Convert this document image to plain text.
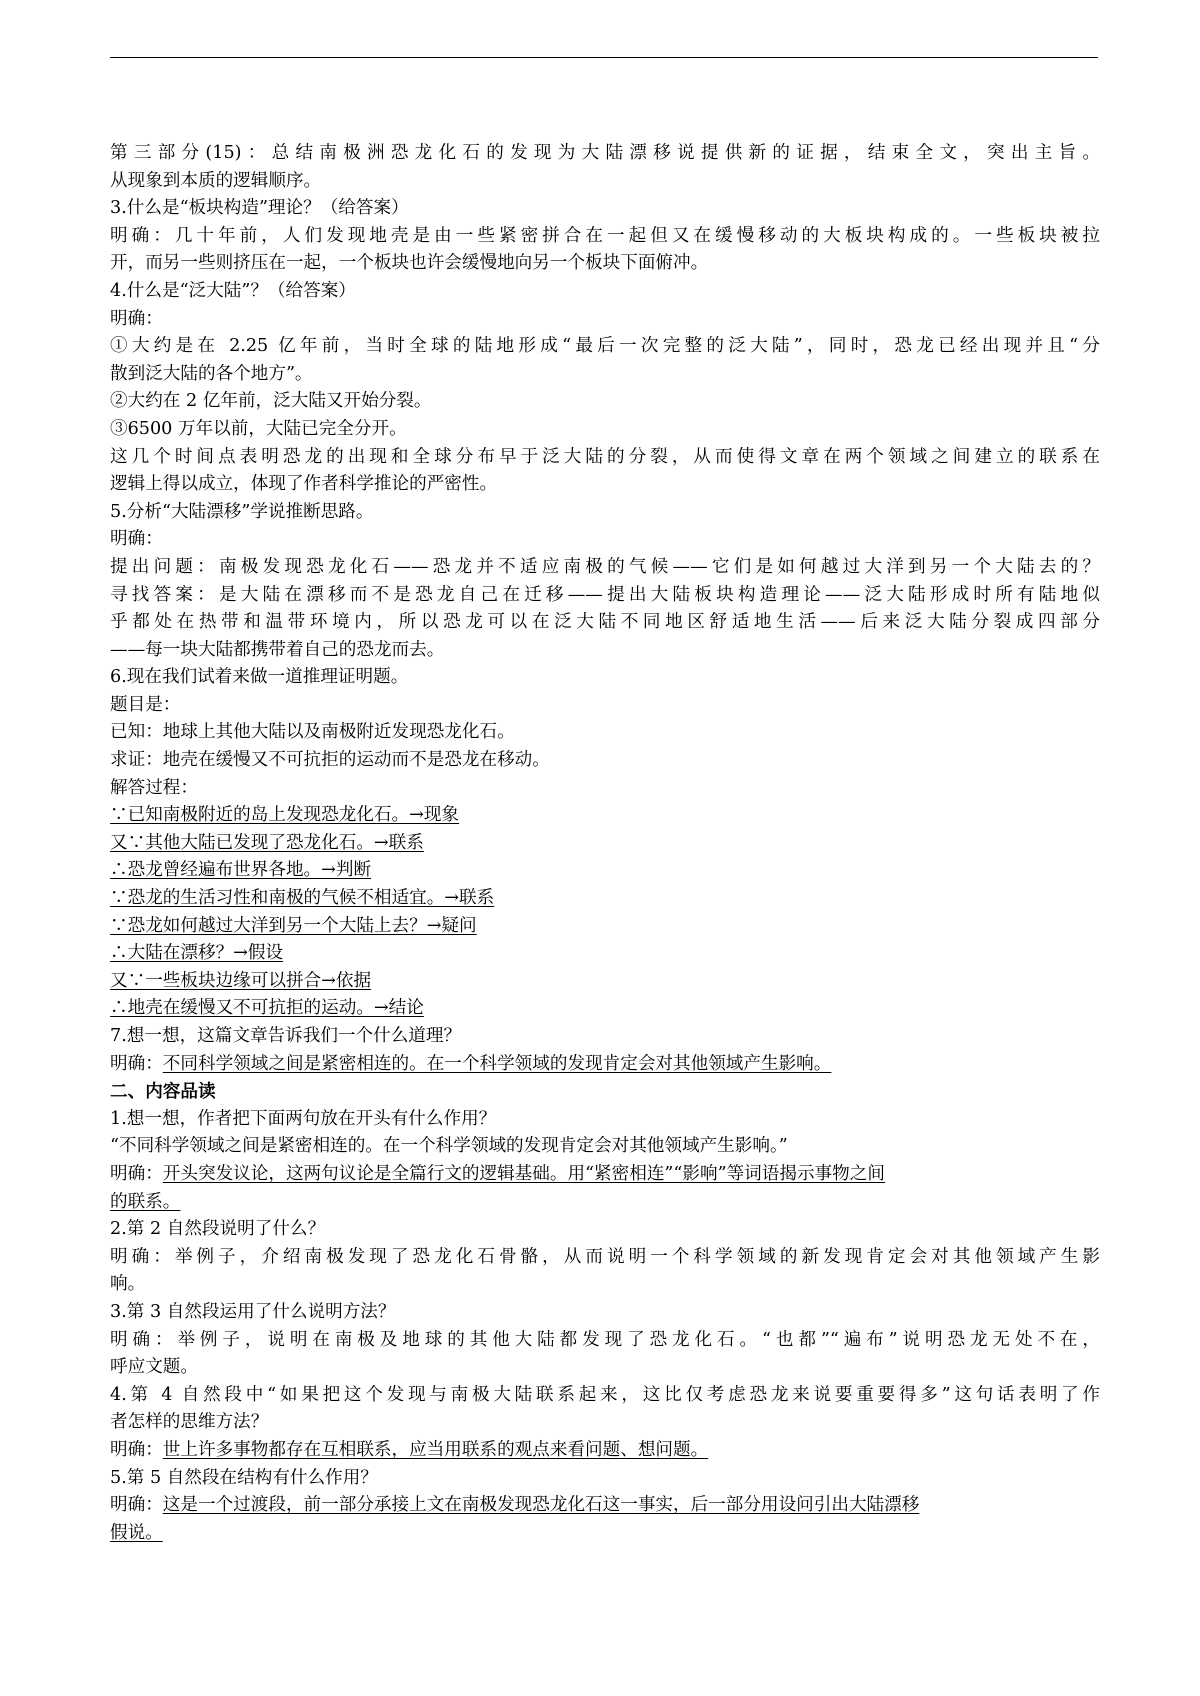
第三部分(15)：总结南极洲恐龙化石的发现为大陆漂移说提供新的证据，结束全文，突出主旨。
从现象到本质的逻辑顺序。
3.什么是“板块构造”理论？（给答案）
明确：几十年前，人们发现地壳是由一些紧密拼合在一起但又在缓慢移动的大板块构成的。一些板块被拉
开，而另一些则挤压在一起，一个板块也许会缓慢地向另一个板块下面俯冲。
4.什么是“泛大陆”？（给答案）
明确：
①大约是在 2.25 亿年前，当时全球的陆地形成“最后一次完整的泛大陆”，同时，恐龙已经出现并且“分
散到泛大陆的各个地方”。
②大约在 2 亿年前，泛大陆又开始分裂。
③6500 万年以前，大陆已完全分开。
这几个时间点表明恐龙的出现和全球分布早于泛大陆的分裂，从而使得文章在两个领域之间建立的联系在
逻辑上得以成立，体现了作者科学推论的严密性。
5.分析“大陆漂移”学说推断思路。
明确：
提出问题：南极发现恐龙化石——恐龙并不适应南极的气候——它们是如何越过大洋到另一个大陆去的？
寻找答案：是大陆在漂移而不是恐龙自己在迁移——提出大陆板块构造理论——泛大陆形成时所有陆地似
乎都处在热带和温带环境内，所以恐龙可以在泛大陆不同地区舒适地生活——后来泛大陆分裂成四部分
——每一块大陆都携带着自己的恐龙而去。
6.现在我们试着来做一道推理证明题。
题目是：
已知：地球上其他大陆以及南极附近发现恐龙化石。
求证：地壳在缓慢又不可抗拒的运动而不是恐龙在移动。
解答过程：
∵已知南极附近的岛上发现恐龙化石。→现象
又∵其他大陆已发现了恐龙化石。→联系
∴恐龙曾经遍布世界各地。→判断
∵恐龙的生活习性和南极的气候不相适宜。→联系
∵恐龙如何越过大洋到另一个大陆上去？→疑问
∴大陆在漂移？→假设
又∵一些板块边缘可以拼合→依据
∴地壳在缓慢又不可抗拒的运动。→结论
7.想一想，这篇文章告诉我们一个什么道理？
明确：不同科学领域之间是紧密相连的。在一个科学领域的发现肯定会对其他领域产生影响。
二、内容品读
1.想一想，作者把下面两句放在开头有什么作用？
“不同科学领域之间是紧密相连的。在一个科学领域的发现肯定会对其他领域产生影响。”
明确：开头突发议论，这两句议论是全篇行文的逻辑基础。用“紧密相连”“影响”等词语揭示事物之间
的联系。
2.第 2 自然段说明了什么？
明确：举例子，介绍南极发现了恐龙化石骨骼，从而说明一个科学领域的新发现肯定会对其他领域产生影
响。
3.第 3 自然段运用了什么说明方法？
明确：举例子，说明在南极及地球的其他大陆都发现了恐龙化石。“也都”“遍布”说明恐龙无处不在，
呼应文题。
4.第 4 自然段中“如果把这个发现与南极大陆联系起来，这比仅考虑恐龙来说要重要得多”这句话表明了作
者怎样的思维方法？
明确：世上许多事物都存在互相联系，应当用联系的观点来看问题、想问题。
5.第 5 自然段在结构有什么作用？
明确：这是一个过渡段，前一部分承接上文在南极发现恐龙化石这一事实，后一部分用设问引出大陆漂移
假说。
